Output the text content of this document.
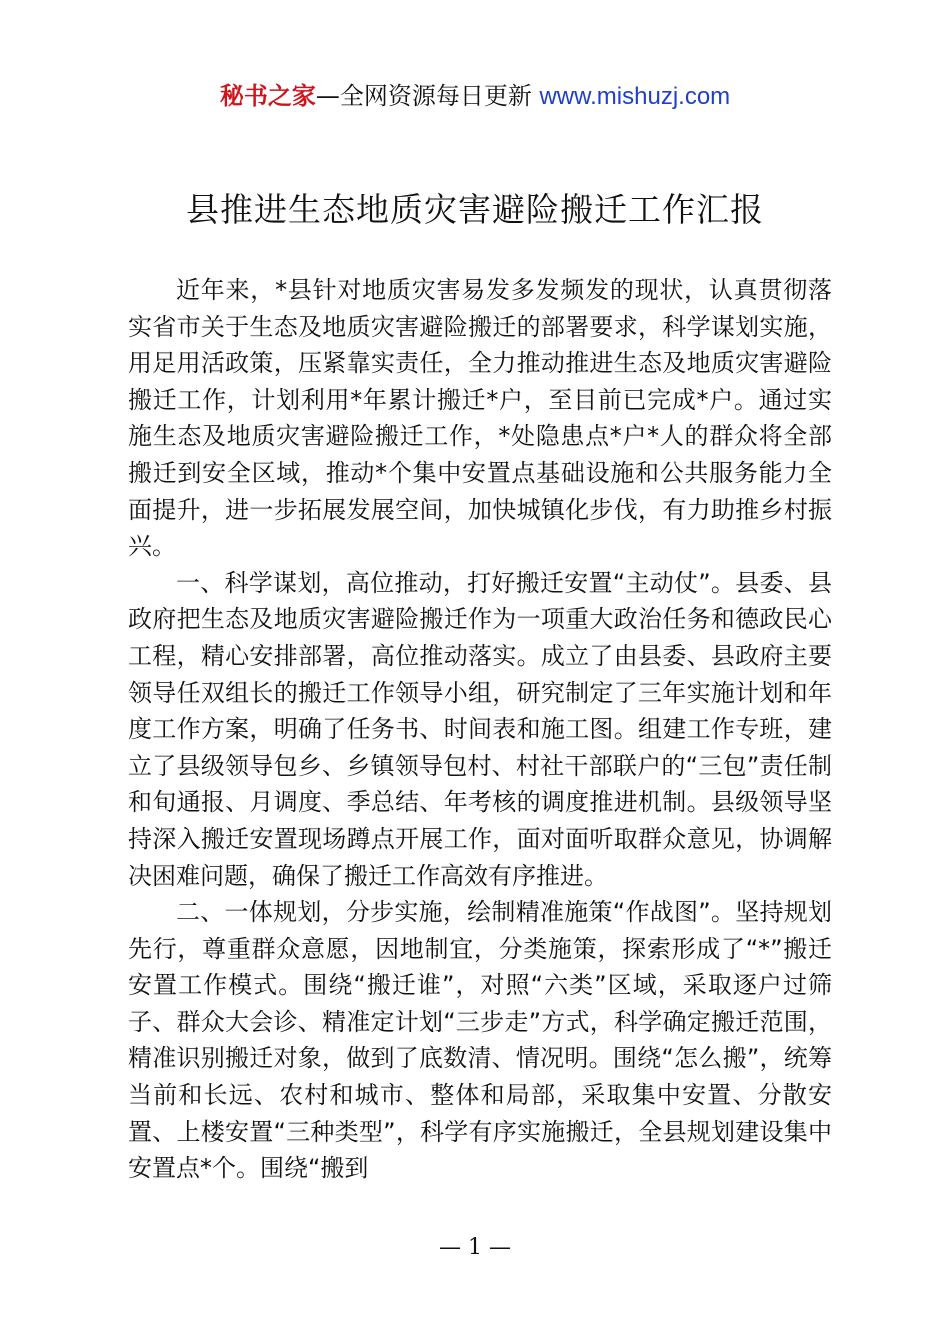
秘书之家—全网资源每日更新 www.mishuzj.com
县推进生态地质灾害避险搬迁工作汇报

近年来，*县针对地质灾害易发多发频发的现状，认真贯彻落实省市关于生态及地质灾害避险搬迁的部署要求，科学谋划实施，用足用活政策，压紧靠实责任，全力推动推进生态及地质灾害避险搬迁工作，计划利用*年累计搬迁*户，至目前已完成*户。通过实施生态及地质灾害避险搬迁工作，*处隐患点*户*人的群众将全部搬迁到安全区域，推动*个集中安置点基础设施和公共服务能力全面提升，进一步拓展发展空间，加快城镇化步伐，有力助推乡村振兴。

一、科学谋划，高位推动，打好搬迁安置“主动仗”。县委、县政府把生态及地质灾害避险搬迁作为一项重大政治任务和德政民心工程，精心安排部署，高位推动落实。成立了由县委、县政府主要领导任双组长的搬迁工作领导小组，研究制定了三年实施计划和年度工作方案，明确了任务书、时间表和施工图。组建工作专班，建立了县级领导包乡、乡镇领导包村、村社干部联户的“三包”责任制和旬通报、月调度、季总结、年考核的调度推进机制。县级领导坚持深入搬迁安置现场蹲点开展工作，面对面听取群众意见，协调解决困难问题，确保了搬迁工作高效有序推进。

二、一体规划，分步实施，绘制精准施策“作战图”。坚持规划先行，尊重群众意愿，因地制宜，分类施策，探索形成了“*”搬迁安置工作模式。围绕“搬迁谁”，对照“六类”区域，采取逐户过筛子、群众大会诊、精准定计划“三步走”方式，科学确定搬迁范围，精准识别搬迁对象，做到了底数清、情况明。围绕“怎么搬”，统筹当前和长远、农村和城市、整体和局部，采取集中安置、分散安置、上楼安置“三种类型”，科学有序实施搬迁，全县规划建设集中安置点*个。围绕“搬到

— 1 —
